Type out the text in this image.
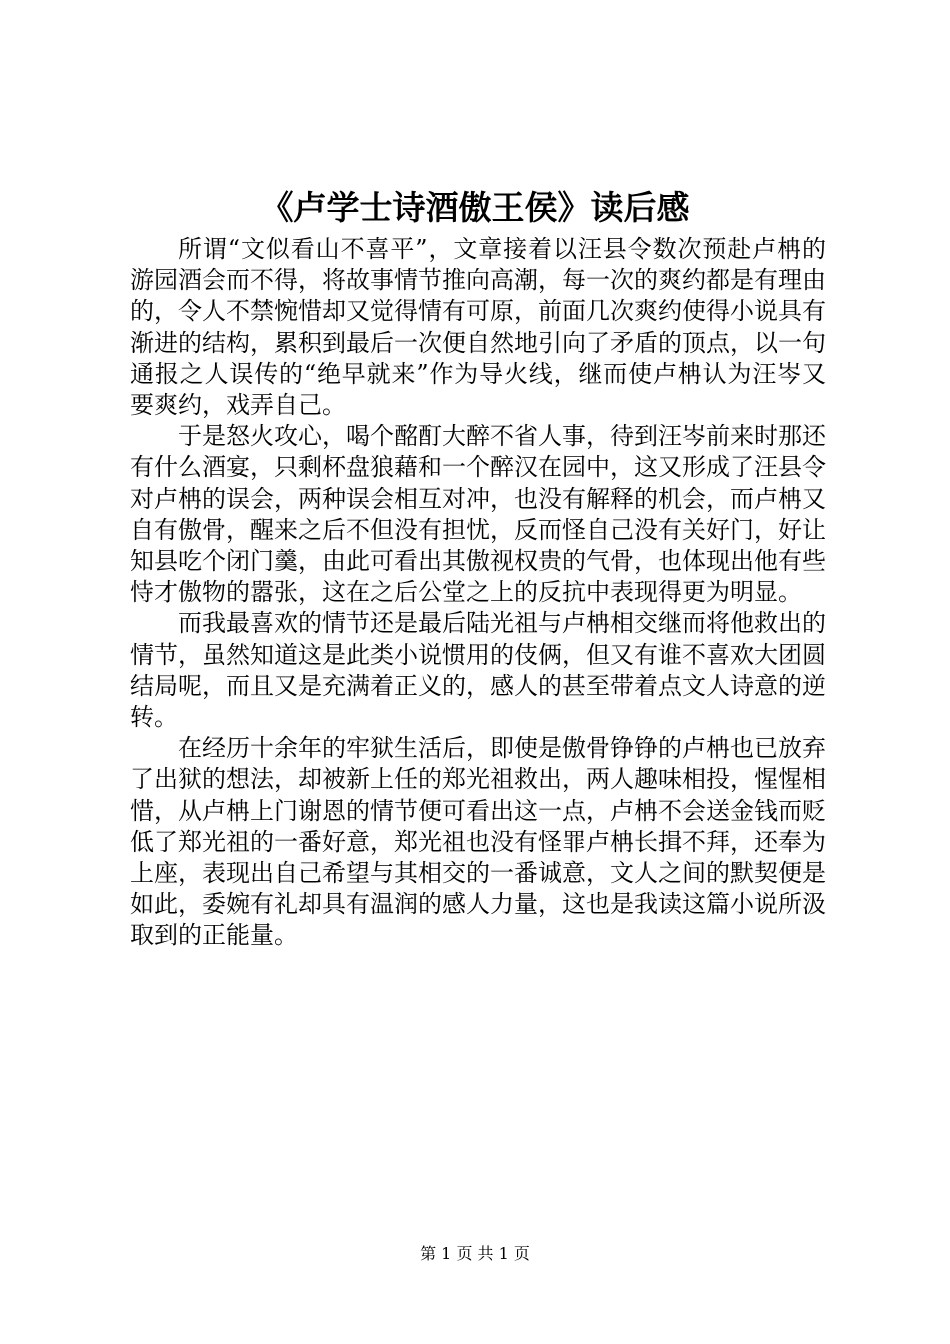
《卢学士诗酒傲王侯》读后感

所谓“文似看山不喜平”，文章接着以汪县令数次预赴卢柟的游园酒会而不得，将故事情节推向高潮，每一次的爽约都是有理由的，令人不禁惋惜却又觉得情有可原，前面几次爽约使得小说具有渐进的结构，累积到最后一次便自然地引向了矛盾的顶点，以一句通报之人误传的“绝早就来”作为导火线，继而使卢柟认为汪岑又要爽约，戏弄自己。

于是怒火攻心，喝个酩酊大醉不省人事，待到汪岑前来时那还有什么酒宴，只剩杯盘狼藉和一个醉汉在园中，这又形成了汪县令对卢柟的误会，两种误会相互对冲，也没有解释的机会，而卢柟又自有傲骨，醒来之后不但没有担忧，反而怪自己没有关好门，好让知县吃个闭门羹，由此可看出其傲视权贵的气骨，也体现出他有些恃才傲物的嚣张，这在之后公堂之上的反抗中表现得更为明显。

而我最喜欢的情节还是最后陆光祖与卢柟相交继而将他救出的情节，虽然知道这是此类小说惯用的伎俩，但又有谁不喜欢大团圆结局呢，而且又是充满着正义的，感人的甚至带着点文人诗意的逆转。

在经历十余年的牢狱生活后，即使是傲骨铮铮的卢柟也已放弃了出狱的想法，却被新上任的郑光祖救出，两人趣味相投，惺惺相惜，从卢柟上门谢恩的情节便可看出这一点，卢柟不会送金钱而贬低了郑光祖的一番好意，郑光祖也没有怪罪卢柟长揖不拜，还奉为上座，表现出自己希望与其相交的一番诚意，文人之间的默契便是如此，委婉有礼却具有温润的感人力量，这也是我读这篇小说所汲取到的正能量。

第 1 页 共 1 页
